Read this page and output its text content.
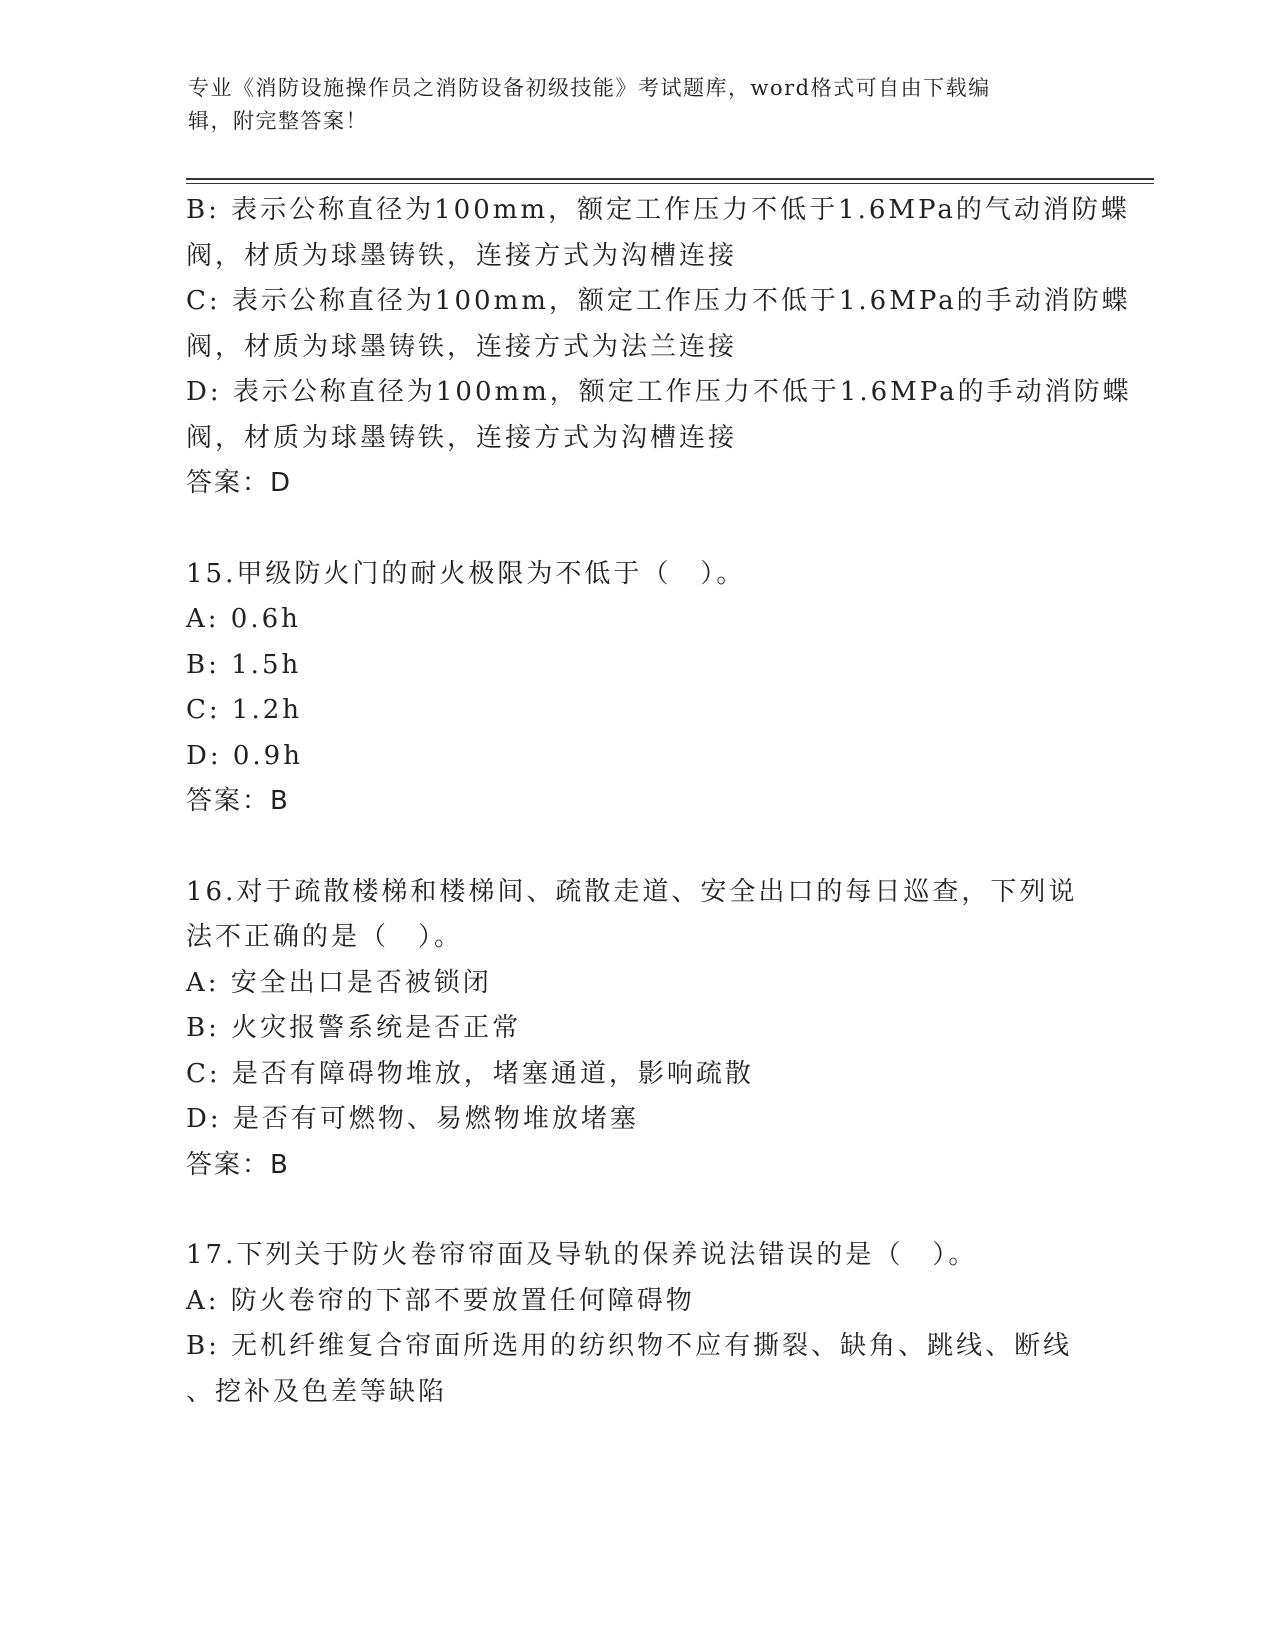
专业《消防设施操作员之消防设备初级技能》考试题库，word格式可自由下载编
辑，附完整答案！

B: 表示公称直径为100mm，额定工作压力不低于1.6MPa的气动消防蝶

阀，材质为球墨铸铁，连接方式为沟槽连接

C: 表示公称直径为100mm，额定工作压力不低于1.6MPa的手动消防蝶

阀，材质为球墨铸铁，连接方式为法兰连接

D: 表示公称直径为100mm，额定工作压力不低于1.6MPa的手动消防蝶

阀，材质为球墨铸铁，连接方式为沟槽连接

答案：D

15.甲级防火门的耐火极限为不低于（　）。

A: 0.6h

B: 1.5h

C: 1.2h

D: 0.9h

答案：B

16.对于疏散楼梯和楼梯间、疏散走道、安全出口的每日巡查，下列说

法不正确的是（　）。

A: 安全出口是否被锁闭

B: 火灾报警系统是否正常

C: 是否有障碍物堆放，堵塞通道，影响疏散

D: 是否有可燃物、易燃物堆放堵塞

答案：B

17.下列关于防火卷帘帘面及导轨的保养说法错误的是（　）。

A: 防火卷帘的下部不要放置任何障碍物

B: 无机纤维复合帘面所选用的纺织物不应有撕裂、缺角、跳线、断线

、挖补及色差等缺陷
